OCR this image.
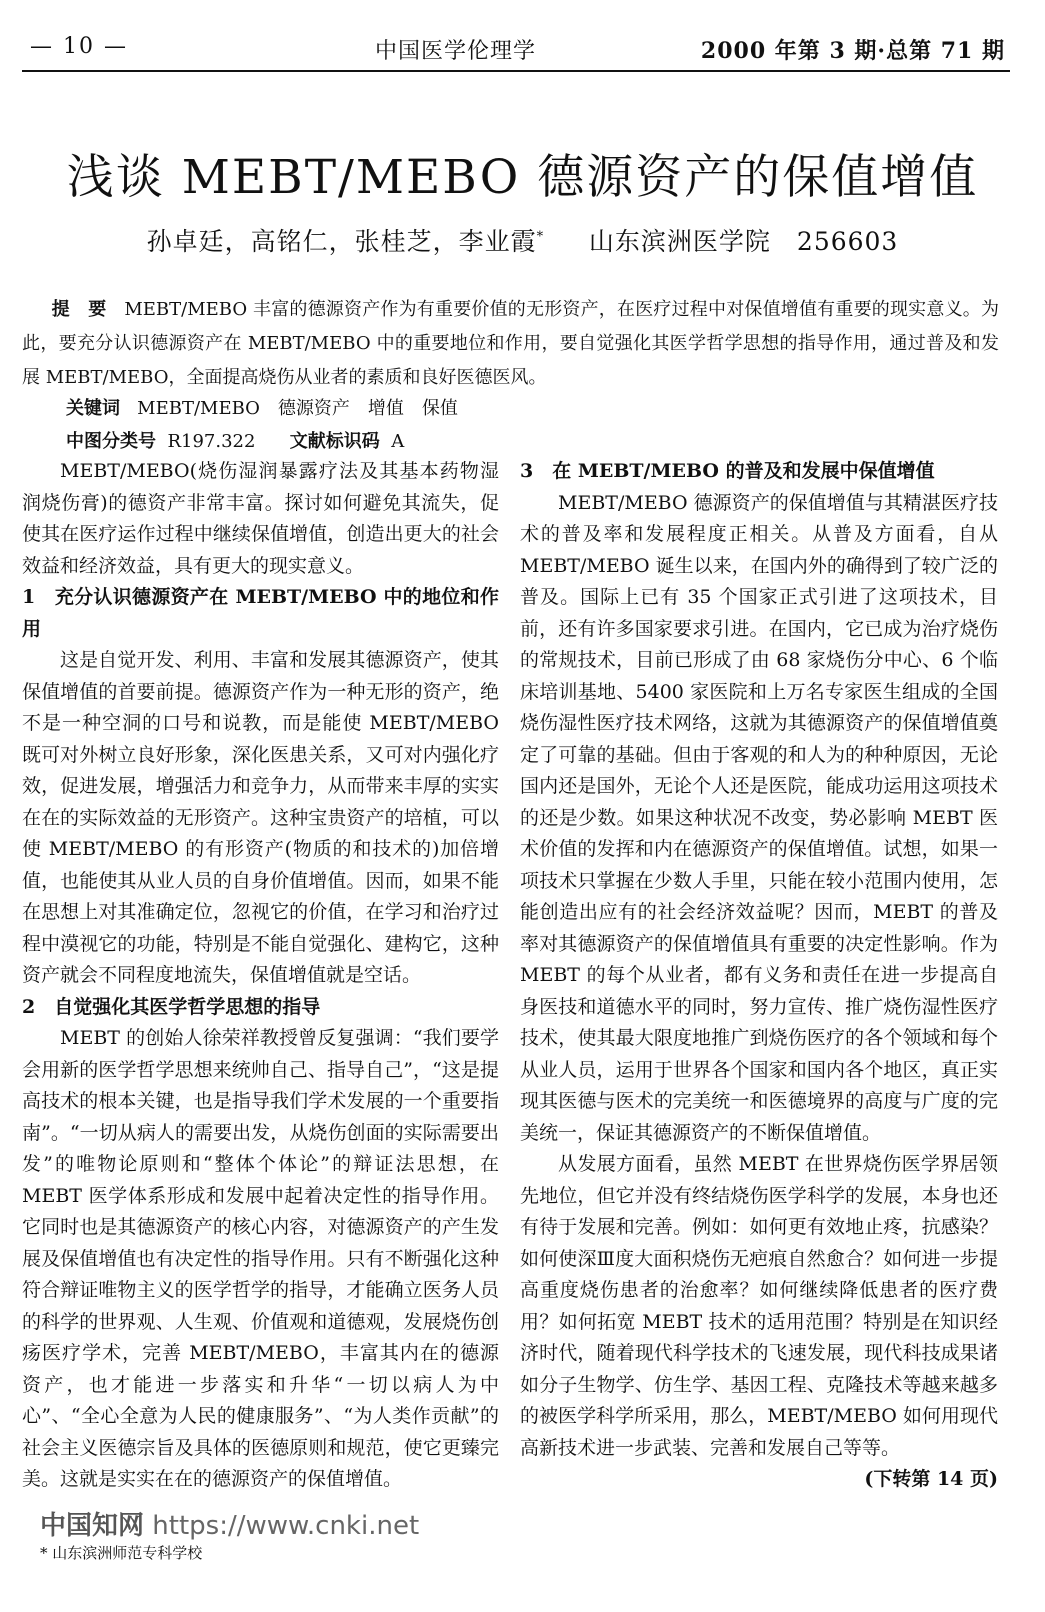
— 10 —	中国医学伦理学	2000 年第 3 期·总第 71 期
浅谈 MEBT/MEBO 德源资产的保值增值
孙卓廷，高铭仁，张桂芝，李业霞* 山东滨洲医学院　256603
提 要 MEBT/MEBO 丰富的德源资产作为有重要价值的无形资产，在医疗过程中对保值增值有重要的现实意义。为此，要充分认识德源资产在 MEBT/MEBO 中的重要地位和作用，要自觉强化其医学哲学思想的指导作用，通过普及和发展 MEBT/MEBO，全面提高烧伤从业者的素质和良好医德医风。
关键词 MEBT/MEBO　德源资产　增值　保值
中图分类号 R197.322 文献标识码 A

MEBT/MEBO(烧伤湿润暴露疗法及其基本药物湿润烧伤膏)的德资产非常丰富。探讨如何避免其流失，促使其在医疗运作过程中继续保值增值，创造出更大的社会效益和经济效益，具有更大的现实意义。

1　充分认识德源资产在 MEBT/MEBO 中的地位和作用

这是自觉开发、利用、丰富和发展其德源资产，使其保值增值的首要前提。德源资产作为一种无形的资产，绝不是一种空洞的口号和说教，而是能使 MEBT/MEBO 既可对外树立良好形象，深化医患关系，又可对内强化疗效，促进发展，增强活力和竞争力，从而带来丰厚的实实在在的实际效益的无形资产。这种宝贵资产的培植，可以使 MEBT/MEBO 的有形资产(物质的和技术的)加倍增值，也能使其从业人员的自身价值增值。因而，如果不能在思想上对其准确定位，忽视它的价值，在学习和治疗过程中漠视它的功能，特别是不能自觉强化、建构它，这种资产就会不同程度地流失，保值增值就是空话。

2　自觉强化其医学哲学思想的指导

MEBT 的创始人徐荣祥教授曾反复强调：“我们要学会用新的医学哲学思想来统帅自己、指导自己”，“这是提高技术的根本关键，也是指导我们学术发展的一个重要指南”。“一切从病人的需要出发，从烧伤创面的实际需要出发”的唯物论原则和“整体个体论”的辩证法思想，在 MEBT 医学体系形成和发展中起着决定性的指导作用。它同时也是其德源资产的核心内容，对德源资产的产生发展及保值增值也有决定性的指导作用。只有不断强化这种符合辩证唯物主义的医学哲学的指导，才能确立医务人员的科学的世界观、人生观、价值观和道德观，发展烧伤创疡医疗学术，完善 MEBT/MEBO，丰富其内在的德源资产，也才能进一步落实和升华“一切以病人为中心”、“全心全意为人民的健康服务”、“为人类作贡献”的社会主义医德宗旨及具体的医德原则和规范，使它更臻完美。这就是实实在在的德源资产的保值增值。

3　在 MEBT/MEBO 的普及和发展中保值增值

MEBT/MEBO 德源资产的保值增值与其精湛医疗技术的普及率和发展程度正相关。从普及方面看，自从 MEBT/MEBO 诞生以来，在国内外的确得到了较广泛的普及。国际上已有 35 个国家正式引进了这项技术，目前，还有许多国家要求引进。在国内，它已成为治疗烧伤的常规技术，目前已形成了由 68 家烧伤分中心、6 个临床培训基地、5400 家医院和上万名专家医生组成的全国烧伤湿性医疗技术网络，这就为其德源资产的保值增值奠定了可靠的基础。但由于客观的和人为的种种原因，无论国内还是国外，无论个人还是医院，能成功运用这项技术的还是少数。如果这种状况不改变，势必影响 MEBT 医术价值的发挥和内在德源资产的保值增值。试想，如果一项技术只掌握在少数人手里，只能在较小范围内使用，怎能创造出应有的社会经济效益呢？因而，MEBT 的普及率对其德源资产的保值增值具有重要的决定性影响。作为 MEBT 的每个从业者，都有义务和责任在进一步提高自身医技和道德水平的同时，努力宣传、推广烧伤湿性医疗技术，使其最大限度地推广到烧伤医疗的各个领域和每个从业人员，运用于世界各个国家和国内各个地区，真正实现其医德与医术的完美统一和医德境界的高度与广度的完美统一，保证其德源资产的不断保值增值。

从发展方面看，虽然 MEBT 在世界烧伤医学界居领先地位，但它并没有终结烧伤医学科学的发展，本身也还有待于发展和完善。例如：如何更有效地止疼，抗感染？如何使深Ⅲ度大面积烧伤无疤痕自然愈合？如何进一步提高重度烧伤患者的治愈率？如何继续降低患者的医疗费用？如何拓宽 MEBT 技术的适用范围？特别是在知识经济时代，随着现代科学技术的飞速发展，现代科技成果诸如分子生物学、仿生学、基因工程、克隆技术等越来越多的被医学科学所采用，那么，MEBT/MEBO 如何用现代高新技术进一步武装、完善和发展自己等等。

(下转第 14 页)
中国知网 https://www.cnki.net
* 山东滨洲师范专科学校
